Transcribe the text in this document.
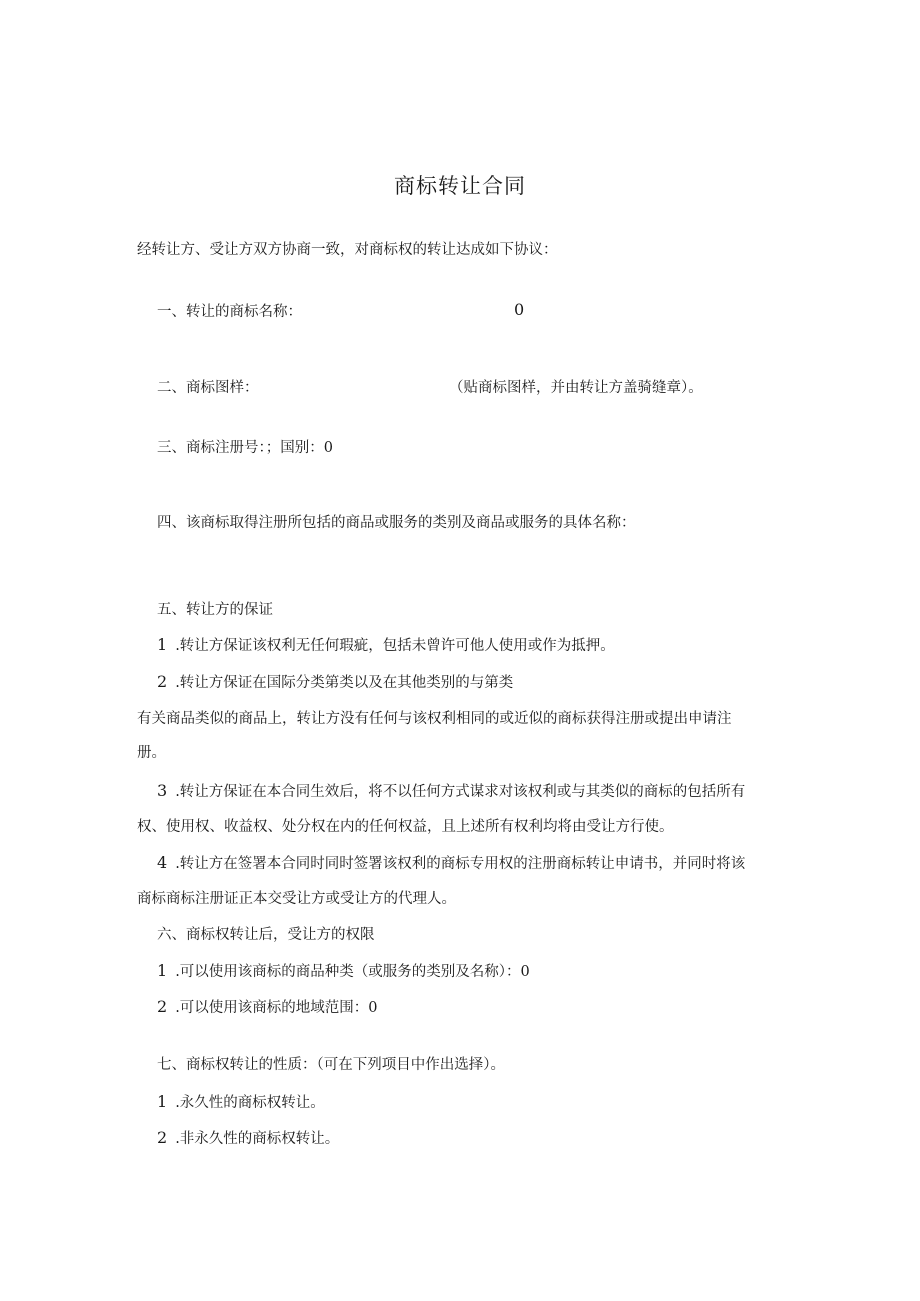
商标转让合同
经转让方、受让方双方协商一致，对商标权的转让达成如下协议：
一、转让的商标名称：	0
二、商标图样：	（贴商标图样，并由转让方盖骑缝章）。
三、商标注册号：；国别：0
四、该商标取得注册所包括的商品或服务的类别及商品或服务的具体名称：
五、转让方的保证
1 .转让方保证该权利无任何瑕疵，包括未曾许可他人使用或作为抵押。
2 .转让方保证在国际分类第类以及在其他类别的与第类
有关商品类似的商品上，转让方没有任何与该权利相同的或近似的商标获得注册或提出申请注
册。
3 .转让方保证在本合同生效后，将不以任何方式谋求对该权利或与其类似的商标的包括所有
权、使用权、收益权、处分权在内的任何权益，且上述所有权利均将由受让方行使。
4 .转让方在签署本合同时同时签署该权利的商标专用权的注册商标转让申请书，并同时将该
商标商标注册证正本交受让方或受让方的代理人。
六、商标权转让后，受让方的权限
1 .可以使用该商标的商品种类（或服务的类别及名称）：0
2 .可以使用该商标的地域范围：0
七、商标权转让的性质：（可在下列项目中作出选择）。
1 .永久性的商标权转让。
2 .非永久性的商标权转让。
